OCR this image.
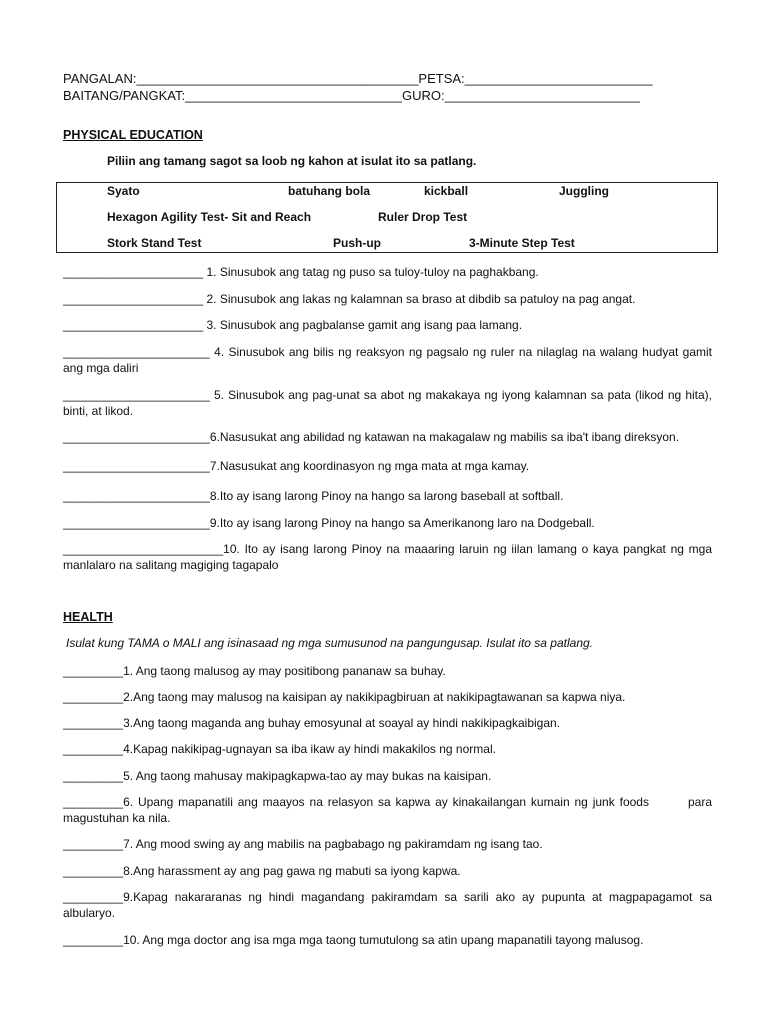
PANGALAN:_______________________________________PETSA:__________________________
BAITANG/PANGKAT:______________________________GURO:___________________________
PHYSICAL EDUCATION
Piliin ang tamang sagot sa loob ng kahon at isulat ito sa patlang.
Syato	batuhang bola	kickball	Juggling
Hexagon Agility Test- Sit and Reach	Ruler Drop Test
Stork Stand Test	Push-up	3-Minute Step Test
_____________________ 1. Sinusubok ang tatag ng puso sa tuloy-tuloy na paghakbang.
_____________________ 2. Sinusubok ang lakas ng kalamnan sa braso at dibdib sa patuloy na pag angat.
_____________________ 3. Sinusubok ang pagbalanse gamit ang isang paa lamang.
______________________ 4. Sinusubok ang bilis ng reaksyon ng pagsalo ng ruler na nilaglag na walang hudyat gamit ang mga daliri
______________________ 5. Sinusubok ang pag-unat sa abot ng makakaya ng iyong kalamnan sa pata (likod ng hita), binti, at likod.
______________________6.Nasusukat ang abilidad ng katawan na makagalaw ng mabilis sa iba't ibang direksyon.
______________________7.Nasusukat ang koordinasyon ng mga mata at mga kamay.
______________________8.Ito ay isang larong Pinoy na hango sa larong baseball at softball.
______________________9.Ito ay isang larong Pinoy na hango sa Amerikanong laro na Dodgeball.
________________________10. Ito ay isang larong Pinoy na maaaring laruin ng iilan lamang o kaya pangkat ng mga manlalaro na salitang magiging tagapalo
HEALTH
Isulat kung TAMA o MALI ang isinasaad ng mga sumusunod na pangungusap. Isulat ito sa patlang.
_________1. Ang taong malusog ay may positibong pananaw sa buhay.
_________2.Ang taong may malusog na kaisipan ay nakikipagbiruan at nakikipagtawanan sa kapwa niya.
_________3.Ang taong maganda ang buhay emosyunal at soayal ay hindi nakikipagkaibigan.
_________4.Kapag nakikipag-ugnayan sa iba ikaw ay hindi makakilos ng normal.
_________5. Ang taong mahusay makipagkapwa-tao ay may bukas na kaisipan.
_________6. Upang mapanatili ang maayos na relasyon sa kapwa ay kinakailangan kumain ng junk foods        para magustuhan ka nila.
_________7. Ang mood swing ay ang mabilis na pagbabago ng pakiramdam ng isang tao.
_________8.Ang harassment ay ang pag gawa ng mabuti sa iyong kapwa.
_________9.Kapag nakararanas ng hindi magandang pakiramdam sa sarili ako ay pupunta at magpapagamot sa albularyo.
_________10. Ang mga doctor ang isa mga mga taong tumutulong sa atin upang mapanatili tayong malusog.
